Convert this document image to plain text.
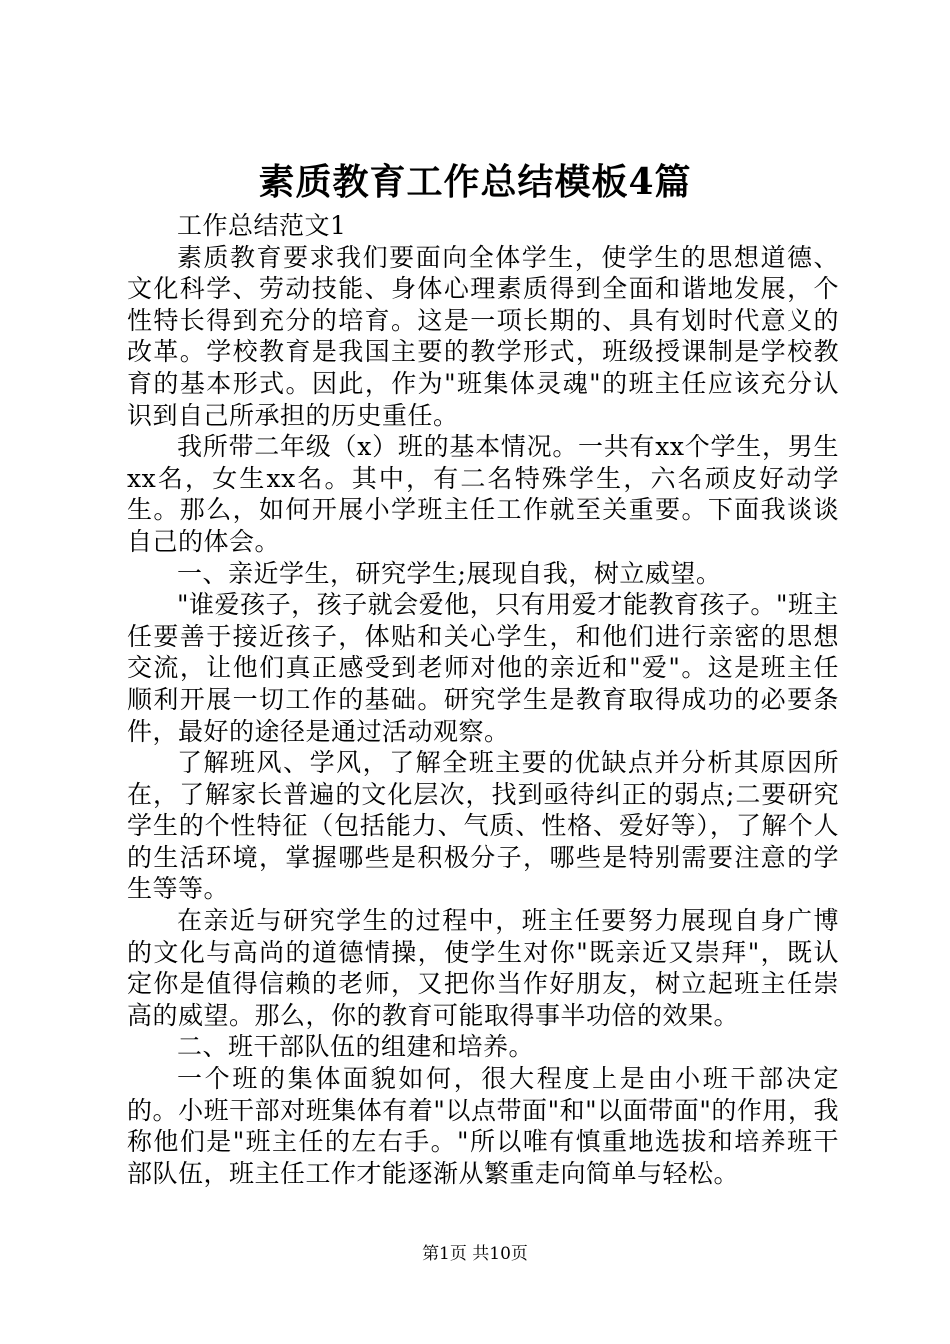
素质教育工作总结模板4篇

工作总结范文1

素质教育要求我们要面向全体学生，使学生的思想道德、文化科学、劳动技能、身体心理素质得到全面和谐地发展，个性特长得到充分的培育。这是一项长期的、具有划时代意义的改革。学校教育是我国主要的教学形式，班级授课制是学校教育的基本形式。因此，作为"班集体灵魂"的班主任应该充分认识到自己所承担的历史重任。

我所带二年级（x）班的基本情况。一共有xx个学生，男生xx名，女生xx名。其中，有二名特殊学生，六名顽皮好动学生。那么，如何开展小学班主任工作就至关重要。下面我谈谈自己的体会。

一、亲近学生，研究学生;展现自我，树立威望。

"谁爱孩子，孩子就会爱他，只有用爱才能教育孩子。"班主任要善于接近孩子，体贴和关心学生，和他们进行亲密的思想交流，让他们真正感受到老师对他的亲近和"爱"。这是班主任顺利开展一切工作的基础。研究学生是教育取得成功的必要条件，最好的途径是通过活动观察。

了解班风、学风，了解全班主要的优缺点并分析其原因所在，了解家长普遍的文化层次，找到亟待纠正的弱点;二要研究学生的个性特征（包括能力、气质、性格、爱好等），了解个人的生活环境，掌握哪些是积极分子，哪些是特别需要注意的学生等等。

在亲近与研究学生的过程中，班主任要努力展现自身广博的文化与高尚的道德情操，使学生对你"既亲近又崇拜"，既认定你是值得信赖的老师，又把你当作好朋友，树立起班主任崇高的威望。那么，你的教育可能取得事半功倍的效果。

二、班干部队伍的组建和培养。

一个班的集体面貌如何，很大程度上是由小班干部决定的。小班干部对班集体有着"以点带面"和"以面带面"的作用，我称他们是"班主任的左右手。"所以唯有慎重地选拔和培养班干部队伍，班主任工作才能逐渐从繁重走向简单与轻松。

第1页 共10页
